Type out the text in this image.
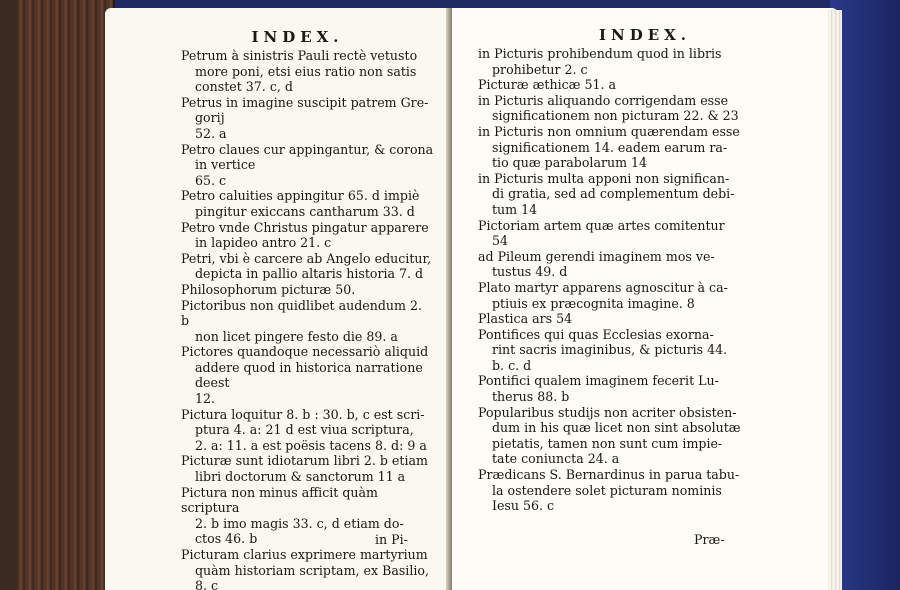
INDEX.
Petrum à sinistris Pauli rectè vetusto
more poni, etsi eius ratio non satis
constet 37. c, d
Petrus in imagine suscipit patrem Gre-
gorij
52. a
Petro claues cur appingantur, & corona
in vertice
65. c
Petro caluities appingitur 65. d impiè
pingitur exiccans cantharum 33. d
Petro vnde Christus pingatur apparere
in lapideo antro 21. c
Petri, vbi è carcere ab Angelo educitur,
depicta in pallio altaris historia 7. d
Philosophorum picturæ 50.
Pictoribus non quidlibet audendum 2. b
non licet pingere festo die 89. a
Pictores quandoque necessariò aliquid
addere quod in historica narratione
deest
12.
Pictura loquitur 8. b : 30. b, c est scri-
ptura 4. a: 21 d est viua scriptura,
2. a: 11. a est poësis tacens 8. d: 9 a
Picturæ sunt idiotarum libri 2. b etiam
libri doctorum & sanctorum 11 a
Pictura non minus afficit quàm scriptura
2. b imo magis 33. c, d etiam do-
ctos 46. b
Picturam clarius exprimere martyrium
quàm historiam scriptam, ex Basilio,
8. c
in Pi-
INDEX.
in Picturis prohibendum quod in libris
prohibetur 2. c
Picturæ æthicæ 51. a
in Picturis aliquando corrigendam esse
significationem non picturam 22. & 23
in Picturis non omnium quærendam esse
significationem 14. eadem earum ra-
tio quæ parabolarum 14
in Picturis multa apponi non significan-
di gratia, sed ad complementum debi-
tum 14
Pictoriam artem quæ artes comitentur
54
ad Pileum gerendi imaginem mos ve-
tustus 49. d
Plato martyr apparens agnoscitur à ca-
ptiuis ex præcognita imagine. 8
Plastica ars 54
Pontifices qui quas Ecclesias exorna-
rint sacris imaginibus, & picturis 44.
b. c. d
Pontifici qualem imaginem fecerit Lu-
therus 88. b
Popularibus studijs non acriter obsisten-
dum in his quæ licet non sint absolutæ
pietatis, tamen non sunt cum impie-
tate coniuncta 24. a
Prædicans S. Bernardinus in parua tabu-
la ostendere solet picturam nominis
Iesu 56. c
Præ-
